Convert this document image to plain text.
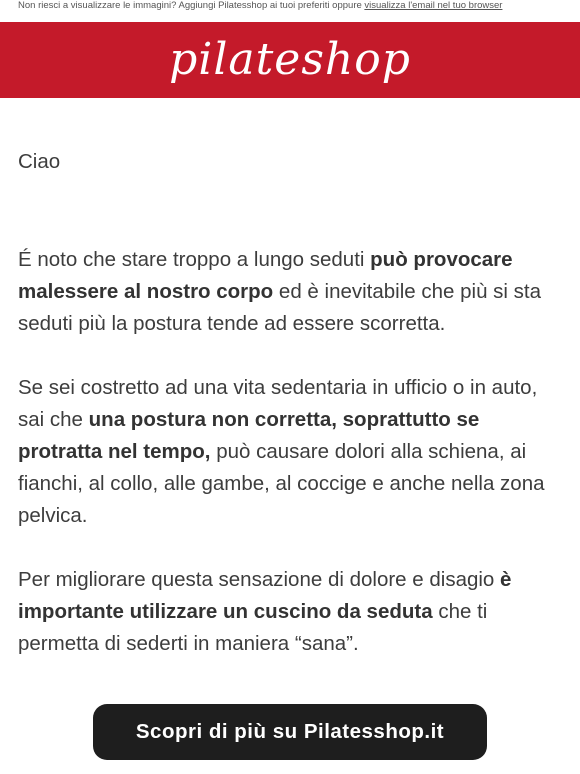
Non riesci a visualizzare le immagini? Aggiungi Pilatesshop ai tuoi preferiti oppure visualizza l'email nel tuo browser
pilateshop

Ciao

É noto che stare troppo a lungo seduti può provocare malessere al nostro corpo ed è inevitabile che più si sta seduti più la postura tende ad essere scorretta.

Se sei costretto ad una vita sedentaria in ufficio o in auto, sai che una postura non corretta, soprattutto se protratta nel tempo, può causare dolori alla schiena, ai fianchi, al collo, alle gambe, al coccige e anche nella zona pelvica.

Per migliorare questa sensazione di dolore e disagio è importante utilizzare un cuscino da seduta che ti permetta di sederti in maniera “sana”.

Scopri di più su Pilatesshop.it
